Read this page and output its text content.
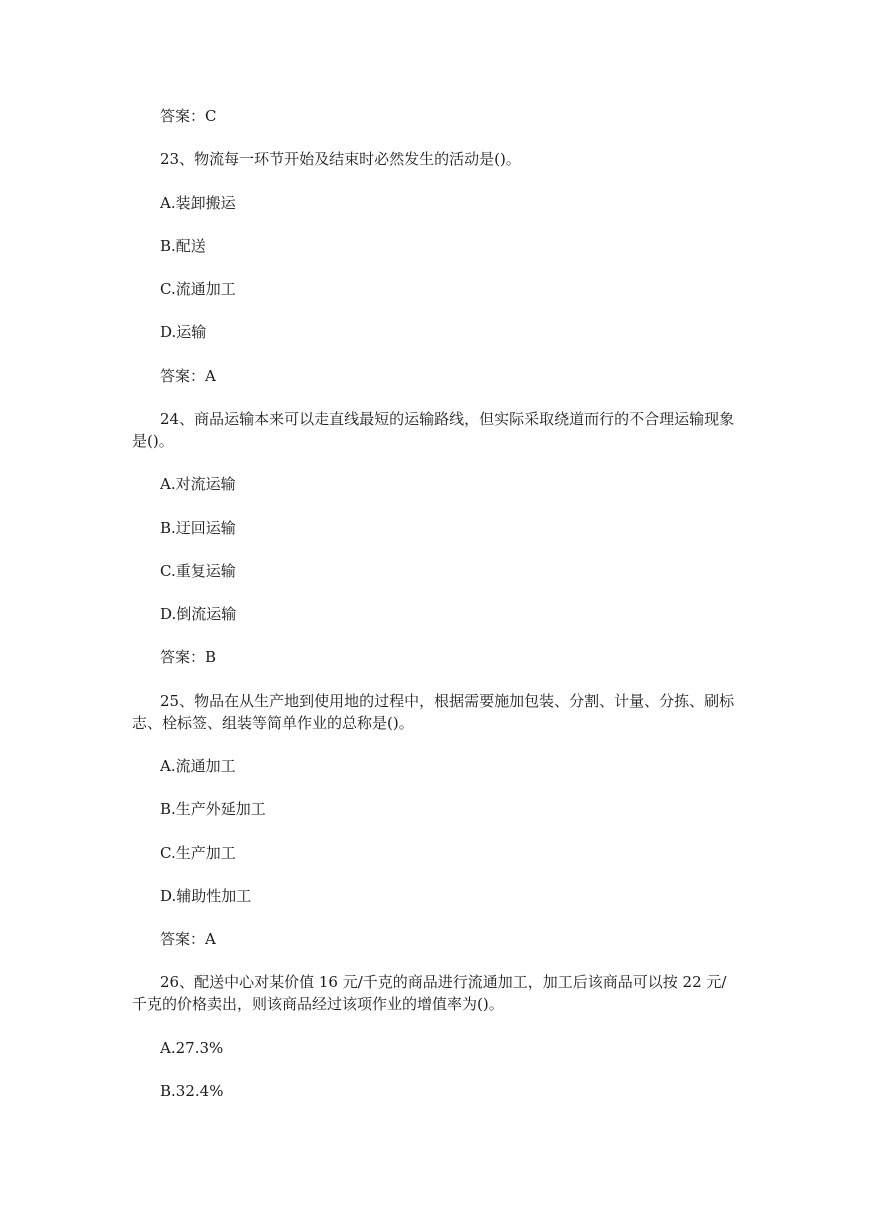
答案：C
23、物流每一环节开始及结束时必然发生的活动是()。
A.装卸搬运
B.配送
C.流通加工
D.运输
答案：A
24、商品运输本来可以走直线最短的运输路线，但实际采取绕道而行的不合理运输现象
是()。
A.对流运输
B.迂回运输
C.重复运输
D.倒流运输
答案：B
25、物品在从生产地到使用地的过程中，根据需要施加包装、分割、计量、分拣、刷标
志、栓标签、组装等简单作业的总称是()。
A.流通加工
B.生产外延加工
C.生产加工
D.辅助性加工
答案：A
26、配送中心对某价值 16 元/千克的商品进行流通加工，加工后该商品可以按 22 元/
千克的价格卖出，则该商品经过该项作业的增值率为()。
A.27.3%
B.32.4%
